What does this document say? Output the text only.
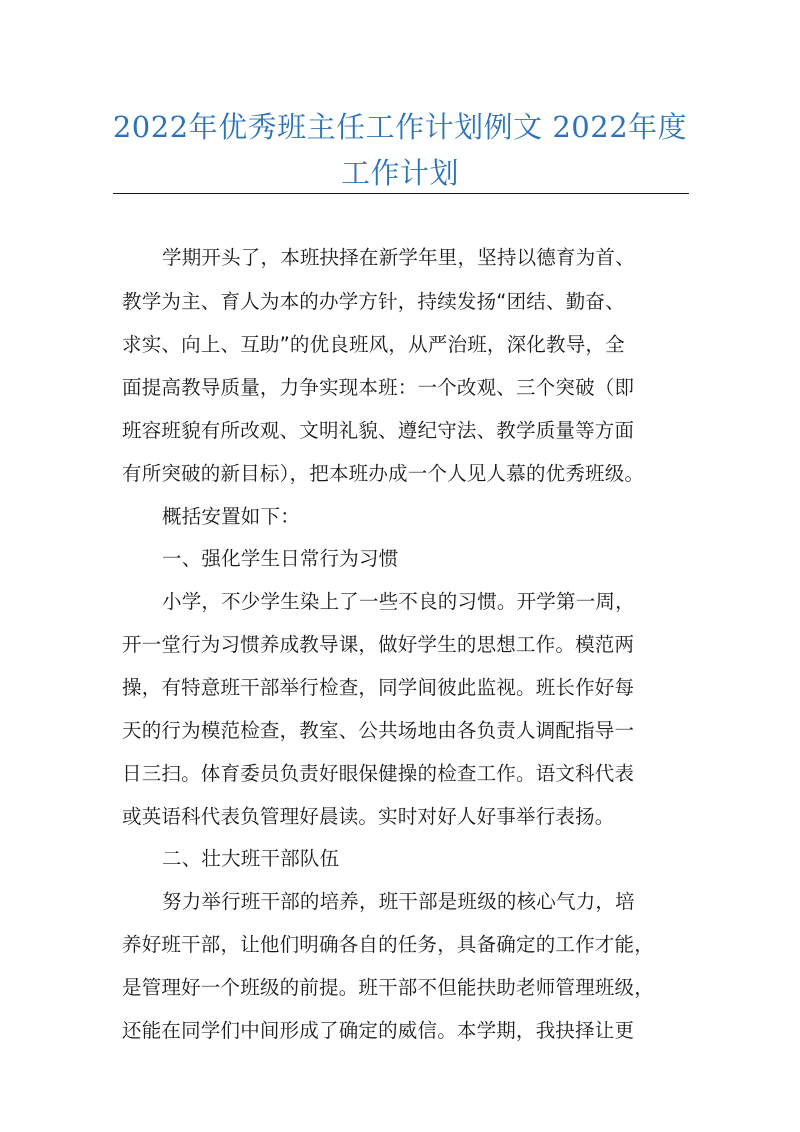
2022年优秀班主任工作计划例文 2022年度
工作计划
学期开头了，本班抉择在新学年里，坚持以德育为首、
教学为主、育人为本的办学方针，持续发扬“团结、勤奋、
求实、向上、互助”的优良班风，从严治班，深化教导，全
面提高教导质量，力争实现本班：一个改观、三个突破（即
班容班貌有所改观、文明礼貌、遵纪守法、教学质量等方面
有所突破的新目标），把本班办成一个人见人慕的优秀班级。
概括安置如下：
一、强化学生日常行为习惯
小学，不少学生染上了一些不良的习惯。开学第一周，
开一堂行为习惯养成教导课，做好学生的思想工作。模范两
操，有特意班干部举行检查，同学间彼此监视。班长作好每
天的行为模范检查，教室、公共场地由各负责人调配指导一
日三扫。体育委员负责好眼保健操的检查工作。语文科代表
或英语科代表负管理好晨读。实时对好人好事举行表扬。
二、壮大班干部队伍
努力举行班干部的培养，班干部是班级的核心气力，培
养好班干部，让他们明确各自的任务，具备确定的工作才能，
是管理好一个班级的前提。班干部不但能扶助老师管理班级，
还能在同学们中间形成了确定的威信。本学期，我抉择让更
